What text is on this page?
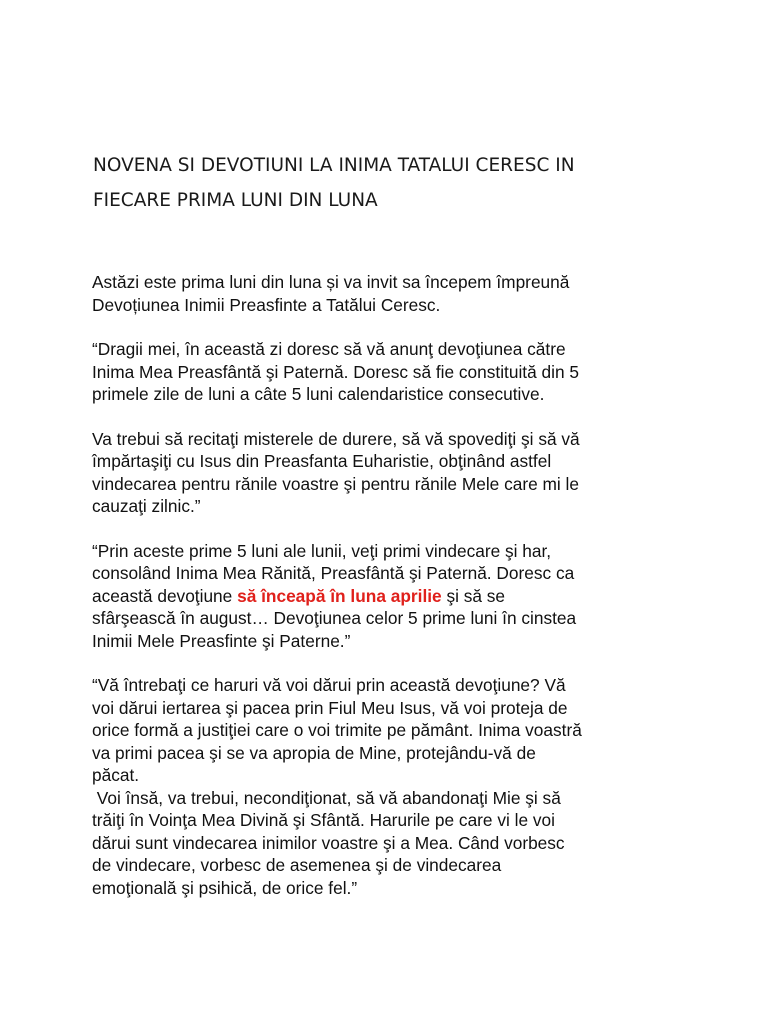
NOVENA SI DEVOTIUNI LA INIMA TATALUI CERESC IN
FIECARE PRIMA LUNI DIN LUNA

Astăzi este prima luni din luna și va invit sa începem împreună
Devoțiunea Inimii Preasfinte a Tatălui Ceresc.

“Dragii mei, în această zi doresc să vă anunţ devoţiunea către
Inima Mea Preasfântă şi Paternă. Doresc să fie constituită din 5
primele zile de luni a câte 5 luni calendaristice consecutive.

Va trebui să recitaţi misterele de durere, să vă spovediţi şi să vă
împărtaşiţi cu Isus din Preasfanta Euharistie, obţinând astfel
vindecarea pentru rănile voastre şi pentru rănile Mele care mi le
cauzaţi zilnic.”

“Prin aceste prime 5 luni ale lunii, veţi primi vindecare şi har,
consolând Inima Mea Rănită, Preasfântă şi Paternă. Doresc ca
această devoţiune să înceapă în luna aprilie şi să se
sfârşească în august… Devoţiunea celor 5 prime luni în cinstea
Inimii Mele Preasfinte şi Paterne.”

“Vă întrebaţi ce haruri vă voi dărui prin această devoţiune? Vă
voi dărui iertarea şi pacea prin Fiul Meu Isus, vă voi proteja de
orice formă a justiţiei care o voi trimite pe pământ. Inima voastră
va primi pacea şi se va apropia de Mine, protejându-vă de
păcat.
Voi însă, va trebui, necondiţionat, să vă abandonaţi Mie şi să
trăiţi în Voinţa Mea Divină şi Sfântă. Harurile pe care vi le voi
dărui sunt vindecarea inimilor voastre şi a Mea. Când vorbesc
de vindecare, vorbesc de asemenea şi de vindecarea
emoţională şi psihică, de orice fel.”
